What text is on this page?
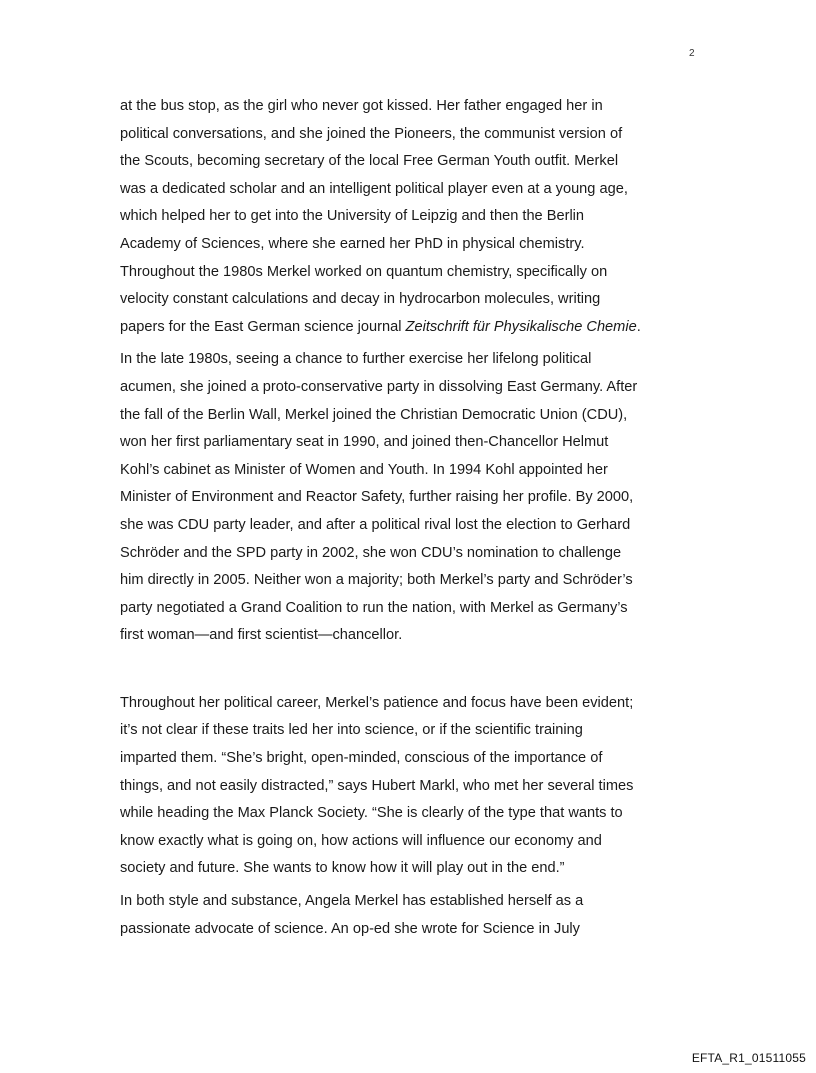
2

at the bus stop, as the girl who never got kissed. Her father engaged her in
political conversations, and she joined the Pioneers, the communist version of
the Scouts, becoming secretary of the local Free German Youth outfit. Merkel
was a dedicated scholar and an intelligent political player even at a young age,
which helped her to get into the University of Leipzig and then the Berlin
Academy of Sciences, where she earned her PhD in physical chemistry.
Throughout the 1980s Merkel worked on quantum chemistry, specifically on
velocity constant calculations and decay in hydrocarbon molecules, writing
papers for the East German science journal Zeitschrift für Physikalische Chemie.

In the late 1980s, seeing a chance to further exercise her lifelong political
acumen, she joined a proto-conservative party in dissolving East Germany. After
the fall of the Berlin Wall, Merkel joined the Christian Democratic Union (CDU),
won her first parliamentary seat in 1990, and joined then-Chancellor Helmut
Kohl’s cabinet as Minister of Women and Youth. In 1994 Kohl appointed her
Minister of Environment and Reactor Safety, further raising her profile. By 2000,
she was CDU party leader, and after a political rival lost the election to Gerhard
Schröder and the SPD party in 2002, she won CDU’s nomination to challenge
him directly in 2005. Neither won a majority; both Merkel’s party and Schröder’s
party negotiated a Grand Coalition to run the nation, with Merkel as Germany’s
first woman—and first scientist—chancellor.

Throughout her political career, Merkel’s patience and focus have been evident;
it’s not clear if these traits led her into science, or if the scientific training
imparted them. “She’s bright, open-minded, conscious of the importance of
things, and not easily distracted,” says Hubert Markl, who met her several times
while heading the Max Planck Society. “She is clearly of the type that wants to
know exactly what is going on, how actions will influence our economy and
society and future. She wants to know how it will play out in the end.”

In both style and substance, Angela Merkel has established herself as a
passionate advocate of science. An op-ed she wrote for Science in July

EFTA_R1_01511055
